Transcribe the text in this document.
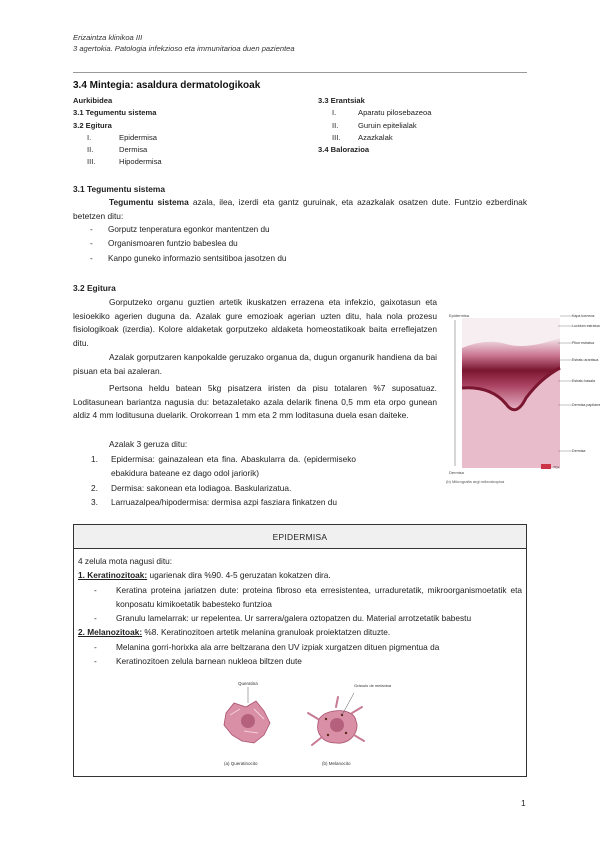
Erizaintza klinikoa III
3 agertokia. Patologia infekzioso eta immunitarioa duen pazientea
3.4 Mintegia: asaldura dermatologikoak
Aurkibidea
3.1 Tegumentu sistema
3.2 Egitura
I.	Epidermisa
II.	Dermisa
III.	Hipodermisa
3.3 Erantsiak
I.	Aparatu pilosebazeoa
II.	Guruin epitelialak
III.	Azazkalak
3.4 Balorazioa
3.1 Tegumentu sistema
Tegumentu sistema azala, ilea, izerdi eta gantz guruinak, eta azazkalak osatzen dute. Funtzio ezberdinak betetzen ditu:
-	Gorputz tenperatura egonkor mantentzen du
-	Organismoaren funtzio babeslea du
-	Kanpo guneko informazio sentsitiboa jasotzen du
3.2 Egitura
Gorputzeko organu guztien artetik ikuskatzen errazena eta infekzio, gaixotasun eta lesioekiko agerien duguna da. Azalak gure emozioak agerian uzten ditu, hala nola prozesu fisiologikoak (izerdia). Kolore aldaketak gorputzeko aldaketa homeostatikoak baita erreflejatzen ditu.
Azalak gorputzaren kanpokalde geruzako organua da, dugun organurik handiena da bai pisuan eta bai azaleran.
Pertsona heldu batean 5kg pisatzera iristen da pisu totalaren %7 suposatuaz. Loditasunean bariantza nagusia du: betazaletako azala delarik finena 0,5 mm eta orpo gunean aldiz 4 mm loditusuna duelarik. Orokorrean 1 mm eta 2 mm loditasuna duela esan daiteke.
Azalak 3 geruza ditu:
1.	Epidermisa: gainazalean eta fina. Abaskularra da. (epidermiseko ebakidura bateane ez dago odol jariorik)
2.	Dermisa: sakonean eta lodiagoa. Baskularizatua.
3.	Larruazalpea/hipodermisa: dermisa azpi fasziara finkatzen du
Epidermisa
Dermisa
70x
Kapa korneoa
Lucidum estratua
Pikor estratua
Estratu arantsua
Estratu basala
Dermisa papilarra
Dermisa
(b) Mikrografia argi mikroskopioa
EPIDERMISA
4 zelula mota nagusi ditu:
1. Keratinozitoak: ugarienak dira %90. 4-5 geruzatan kokatzen dira.
-	Keratina proteina jariatzen dute: proteina fibroso eta erresistentea, urraduretatik, mikroorganismoetatik eta konposatu kimikoetatik babesteko funtzioa
-	Granulu lamelarrak: ur repelentea. Ur sarrera/galera oztopatzen du. Material arrotzetatik babestu
2. Melanozitoak: %8. Keratinozitoen artetik melanina granuloak proiektatzen dituzte.
-	Melanina gorri-horixka ala arre beltzarana den UV izpiak xurgatzen dituen pigmentua da
-	Keratinozitoen zelula barnean nukleoa biltzen dute
Queratina
(a) Queratinocito
Gránulo de melanina
(b) Melanocito
1
